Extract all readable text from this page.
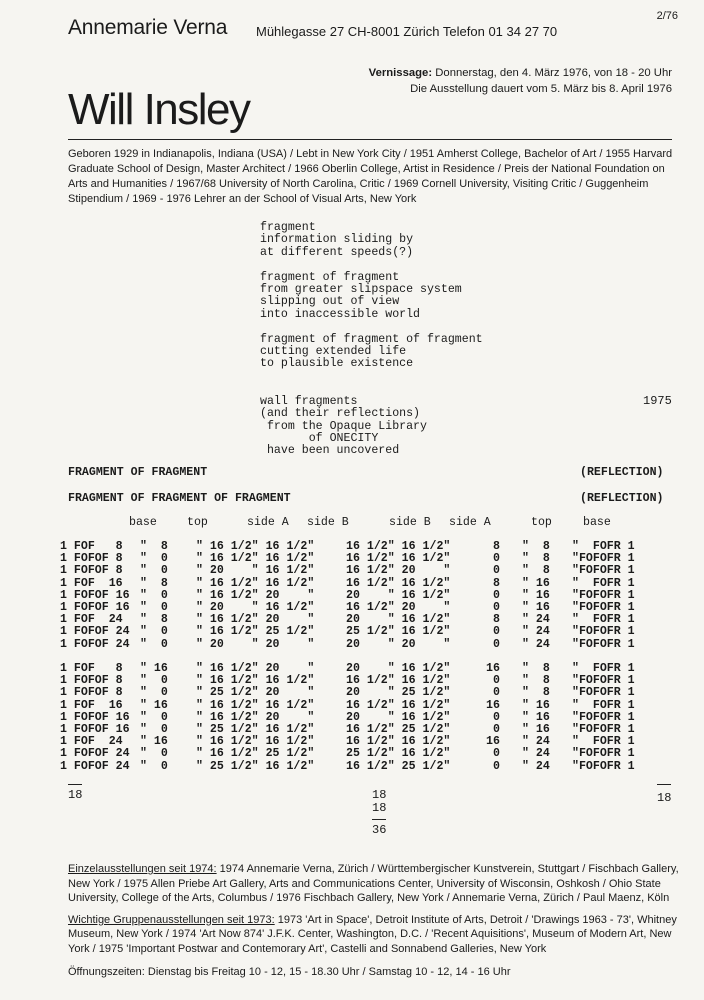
Annemarie Verna Mühlegasse 27 CH-8001 Zürich Telefon 01 34 27 70
2/76
Vernissage: Donnerstag, den 4. März 1976, von 18 - 20 Uhr
Die Ausstellung dauert vom 5. März bis 8. April 1976
Will Insley
Geboren 1929 in Indianapolis, Indiana (USA) / Lebt in New York City / 1951 Amherst College, Bachelor of Art / 1955 Harvard Graduate School of Design, Master Architect / 1966 Oberlin College, Artist in Residence / Preis der National Foundation on Arts and Humanities / 1967/68 University of North Carolina, Critic / 1969 Cornell University, Visiting Critic / Guggenheim Stipendium / 1969 - 1976 Lehrer an der School of Visual Arts, New York
fragment
information sliding by
at different speeds(?)

fragment of fragment
from greater slipspace system
slipping out of view
into inaccessible world

fragment of fragment of fragment
cutting extended life
to plausible existence

wall fragments
(and their reflections)
from the Opaque Library
of ONECITY
have been uncovered
1975
FRAGMENT OF FRAGMENT	(REFLECTION)
FRAGMENT OF FRAGMENT OF FRAGMENT	(REFLECTION)
base	top	side A side B	side B side A	top	base
1 FOF   8	"  8	" 16 1/2" 16 1/2"	16 1/2" 16 1/2"	8	"  8	"  FOFR 1
1 FOFOF 8	"  0	" 16 1/2" 16 1/2"	16 1/2" 16 1/2"	0	"  8	"FOFOFR 1
1 FOFOF 8	"  0	" 20    " 16 1/2"	16 1/2" 20    "	0	"  8	"FOFOFR 1
1 FOF  16	"  8	" 16 1/2" 16 1/2"	16 1/2" 16 1/2"	8	" 16	"  FOFR 1
1 FOFOF 16	"  0	" 16 1/2" 20    "	20    " 16 1/2"	0	" 16	"FOFOFR 1
1 FOFOF 16	"  0	" 20    " 16 1/2"	16 1/2" 20    "	0	" 16	"FOFOFR 1
1 FOF  24	"  8	" 16 1/2" 20    "	20    " 16 1/2"	8	" 24	"  FOFR 1
1 FOFOF 24	"  0	" 16 1/2" 25 1/2"	25 1/2" 16 1/2"	0	" 24	"FOFOFR 1
1 FOFOF 24	"  0	" 20    " 20    "	20    " 20    "	0	" 24	"FOFOFR 1
1 FOF   8	" 16	" 16 1/2" 20    "	20    " 16 1/2"	16	"  8	"  FOFR 1
1 FOFOF 8	"  0	" 16 1/2" 16 1/2"	16 1/2" 16 1/2"	0	"  8	"FOFOFR 1
1 FOFOF 8	"  0	" 25 1/2" 20    "	20    " 25 1/2"	0	"  8	"FOFOFR 1
1 FOF  16	" 16	" 16 1/2" 16 1/2"	16 1/2" 16 1/2"	16	" 16	"  FOFR 1
1 FOFOF 16	"  0	" 16 1/2" 20    "	20    " 16 1/2"	0	" 16	"FOFOFR 1
1 FOFOF 16	"  0	" 25 1/2" 16 1/2"	16 1/2" 25 1/2"	0	" 16	"FOFOFR 1
1 FOF  24	" 16	" 16 1/2" 16 1/2"	16 1/2" 16 1/2"	16	" 24	"  FOFR 1
1 FOFOF 24	"  0	" 16 1/2" 25 1/2"	25 1/2" 16 1/2"	0	" 24	"FOFOFR 1
1 FOFOF 24	"  0	" 25 1/2" 16 1/2"	16 1/2" 25 1/2"	0	" 24	"FOFOFR 1
18	18
18
36
18

Einzelausstellungen seit 1974: 1974 Annemarie Verna, Zürich / Württembergischer Kunstverein, Stuttgart / Fischbach Gallery, New York / 1975 Allen Priebe Art Gallery, Arts and Communications Center, University of Wisconsin, Oshkosh / Ohio State University, College of the Arts, Columbus / 1976 Fischbach Gallery, New York / Annemarie Verna, Zürich / Paul Maenz, Köln

Wichtige Gruppenausstellungen seit 1973: 1973 'Art in Space', Detroit Institute of Arts, Detroit / 'Drawings 1963 - 73', Whitney Museum, New York / 1974 'Art Now 874' J.F.K. Center, Washington, D.C. / 'Recent Aquisitions', Museum of Modern Art, New York / 1975 'Important Postwar and Contemorary Art', Castelli and Sonnabend Galleries, New York

Öffnungszeiten: Dienstag bis Freitag 10 - 12, 15 - 18.30 Uhr / Samstag 10 - 12, 14 - 16 Uhr
